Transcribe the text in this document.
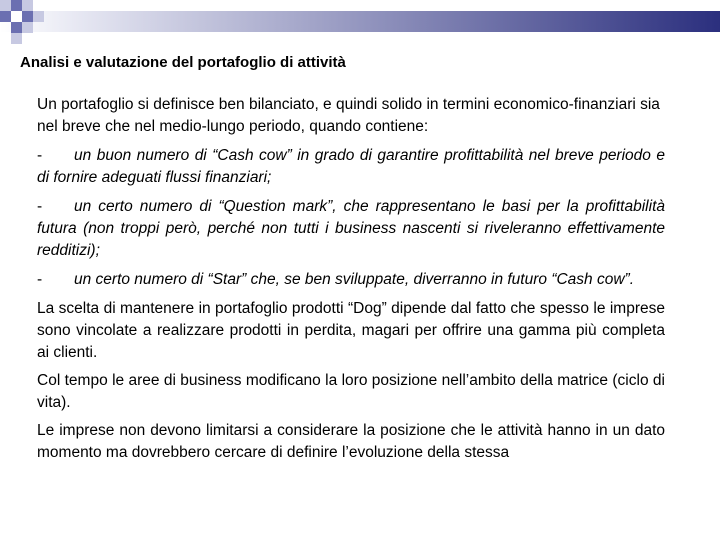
Analisi e valutazione del portafoglio di attività

Un portafoglio si definisce ben bilanciato, e quindi solido in termini economico-finanziari sia nel breve che nel medio-lungo periodo, quando contiene:

- un buon numero di “Cash cow” in grado di garantire profittabilità nel breve periodo e di fornire adeguati flussi finanziari;

- un certo numero di “Question mark”, che rappresentano le basi per la profittabilità futura (non troppi però, perché non tutti i business nascenti si riveleranno effettivamente redditizi);

- un certo numero di “Star” che, se ben sviluppate, diverranno in futuro “Cash cow”.

La scelta di mantenere in portafoglio prodotti “Dog” dipende dal fatto che spesso le imprese sono vincolate a realizzare prodotti in perdita, magari per offrire una gamma più completa ai clienti.

Col tempo le aree di business modificano la loro posizione nell’ambito della matrice (ciclo di vita).

Le imprese non devono limitarsi a considerare la posizione che le attività hanno in un dato momento ma dovrebbero cercare di definire l’evoluzione della stessa
